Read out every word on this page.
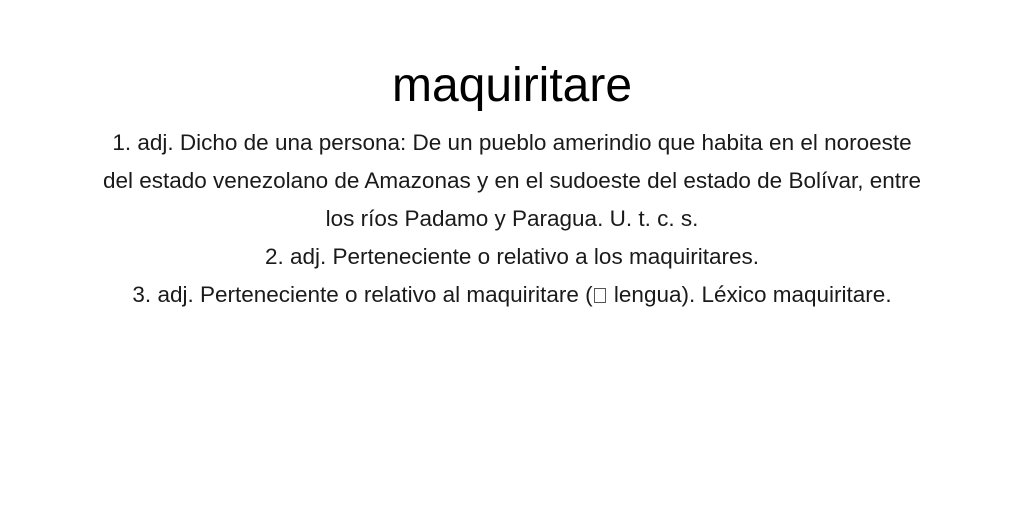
maquiritare
1. adj. Dicho de una persona: De un pueblo amerindio que habita en el noroeste
del estado venezolano de Amazonas y en el sudoeste del estado de Bolívar, entre
los ríos Padamo y Paragua. U. t. c. s.
2. adj. Perteneciente o relativo a los maquiritares.
3. adj. Perteneciente o relativo al maquiritare ( lengua). Léxico maquiritare.
